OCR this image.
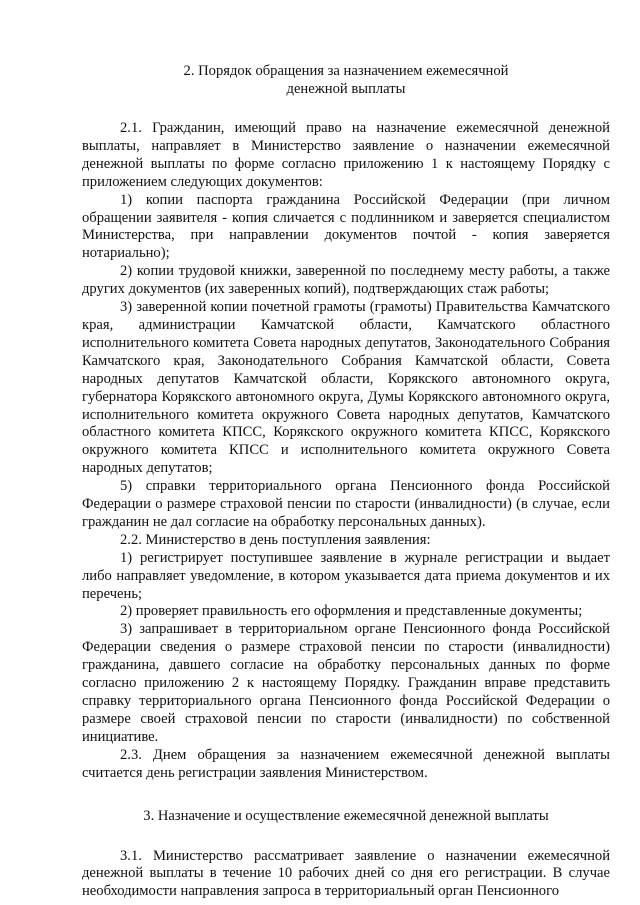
2. Порядок обращения за назначением ежемесячной
денежной выплаты

2.1. Гражданин, имеющий право на назначение ежемесячной денежной выплаты, направляет в Министерство заявление о назначении ежемесячной денежной выплаты по форме согласно приложению 1 к настоящему Порядку с приложением следующих документов:

1) копии паспорта гражданина Российской Федерации (при личном обращении заявителя - копия сличается с подлинником и заверяется специалистом Министерства, при направлении документов почтой - копия заверяется нотариально);

2) копии трудовой книжки, заверенной по последнему месту работы, а также других документов (их заверенных копий), подтверждающих стаж работы;

3) заверенной копии почетной грамоты (грамоты) Правительства Камчатского края, администрации Камчатской области, Камчатского областного исполнительного комитета Совета народных депутатов, Законодательного Собрания Камчатского края, Законодательного Собрания Камчатской области, Совета народных депутатов Камчатской области, Корякского автономного округа, губернатора Корякского автономного округа, Думы Корякского автономного округа, исполнительного комитета окружного Совета народных депутатов, Камчатского областного комитета КПСС, Корякского окружного комитета КПСС, Корякского окружного комитета КПСС и исполнительного комитета окружного Совета народных депутатов;

5) справки территориального органа Пенсионного фонда Российской Федерации о размере страховой пенсии по старости (инвалидности) (в случае, если гражданин не дал согласие на обработку персональных данных).

2.2. Министерство в день поступления заявления:

1) регистрирует поступившее заявление в журнале регистрации и выдает либо направляет уведомление, в котором указывается дата приема документов и их перечень;

2) проверяет правильность его оформления и представленные документы;

3) запрашивает в территориальном органе Пенсионного фонда Российской Федерации сведения о размере страховой пенсии по старости (инвалидности) гражданина, давшего согласие на обработку персональных данных по форме согласно приложению 2 к настоящему Порядку. Гражданин вправе представить справку территориального органа Пенсионного фонда Российской Федерации о размере своей страховой пенсии по старости (инвалидности) по собственной инициативе.

2.3. Днем обращения за назначением ежемесячной денежной выплаты считается день регистрации заявления Министерством.

3. Назначение и осуществление ежемесячной денежной выплаты

3.1. Министерство рассматривает заявление о назначении ежемесячной денежной выплаты в течение 10 рабочих дней со дня его регистрации. В случае необходимости направления запроса в территориальный орган Пенсионного
